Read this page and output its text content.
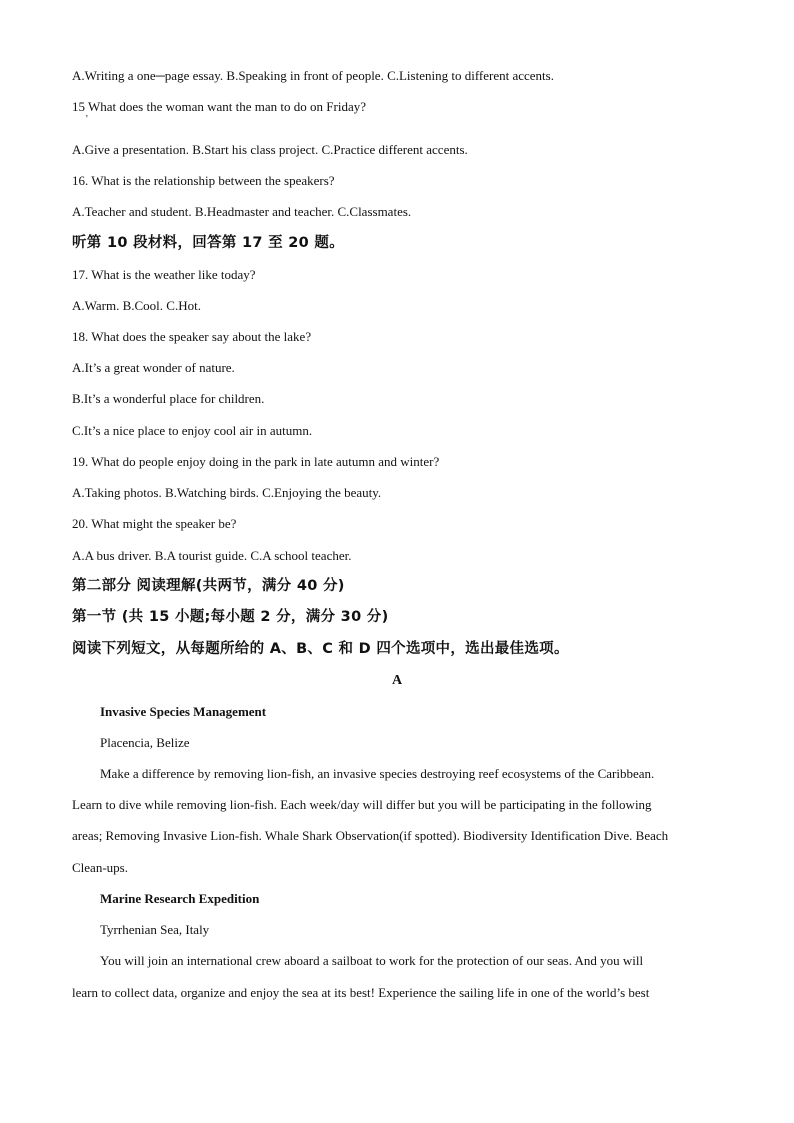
A.Writing a one─page essay. B.Speaking in front of people. C.Listening to different accents.
15 What does the woman want the man to do on Friday?
'
A.Give a presentation. B.Start his class project. C.Practice different accents.
16. What is the relationship between the speakers?
A.Teacher and student. B.Headmaster and teacher. C.Classmates.
听第 10 段材料，回答第 17 至 20 题。
17. What is the weather like today?
A.Warm. B.Cool. C.Hot.
18. What does the speaker say about the lake?
A.It’s a great wonder of nature.
B.It’s a wonderful place for children.
C.It’s a nice place to enjoy cool air in autumn.
19. What do people enjoy doing in the park in late autumn and winter?
A.Taking photos. B.Watching birds. C.Enjoying the beauty.
20. What might the speaker be?
A.A bus driver. B.A tourist guide. C.A school teacher.
第二部分 阅读理解(共两节，满分 40 分)
第一节 (共 15 小题;每小题 2 分，满分 30 分)
阅读下列短文，从每题所给的 A、B、C 和 D 四个选项中，选出最佳选项。
A
Invasive Species Management
Placencia, Belize
Make a difference by removing lion-fish, an invasive species destroying reef ecosystems of the Caribbean.
Learn to dive while removing lion-fish. Each week/day will differ but you will be participating in the following
areas; Removing Invasive Lion-fish. Whale Shark Observation(if spotted). Biodiversity Identification Dive. Beach
Clean-ups.
Marine Research Expedition
Tyrrhenian Sea, Italy
You will join an international crew aboard a sailboat to work for the protection of our seas. And you will
learn to collect data, organize and enjoy the sea at its best! Experience the sailing life in one of the world’s best
